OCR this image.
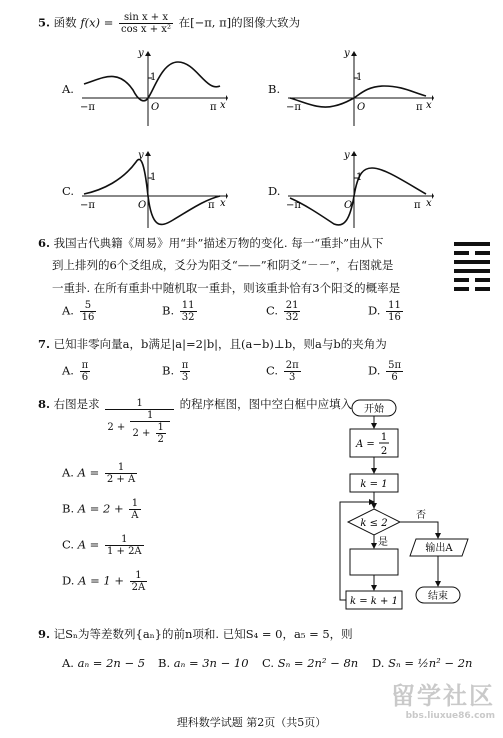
5. 函数 $f(x) = \frac{\text{sin x + x}}{\text{cos x + x²}}$ 在[−π, π]的图像大致为
A.	B.
C.	D.
1
y
x
O
−π	π
1
y
x
O
−π	π
1
y
x
O
−π	π
1
y
x
O
−π	π
6. 我国古代典籍《周易》用“卦”描述万物的变化. 每一“重卦”由从下
到上排列的6个爻组成，爻分为阳爻“——”和阴爻“－－”，右图就是
一重卦. 在所有重卦中随机取一重卦，则该重卦恰有3个阳爻的概率是
A. $\frac{5}{16}$	B. $\frac{11}{32}$	C. $\frac{21}{32}$	D. $\frac{11}{16}$
7. 已知非零向量a，b满足|a|=2|b|，且(a−b)⊥b，则a与b的夹角为
A. $\frac{\pi}{6}$	B. $\frac{\pi}{3}$	C. $\frac{2\pi}{3}$	D. $\frac{5\pi}{6}$
8. 右图是求	1
$2 + \frac{1}{2 + \frac{1}{2}}$
的程序框图，图中空白框中应填入
A. $A = \frac{1}{2 + A}$
B. $A = 2 + \frac{1}{A}$
C. $A = \frac{1}{1 + 2A}$
D. $A = 1 + \frac{1}{2A}$
开始
A =
1
2
k = 1
k ≤ 2
是
k = k + 1
否
输出A
结束
9. 记Sₙ为等差数列{aₙ}的前n项和. 已知S₄ = 0，a₅ = 5，则
A. aₙ = 2n − 5 B. aₙ = 3n − 10 C. Sₙ = 2n² − 8n D. Sₙ = ½n² − 2n
理科数学试题 第2页（共5页）
留学社区
bbs.liuxue86.com
